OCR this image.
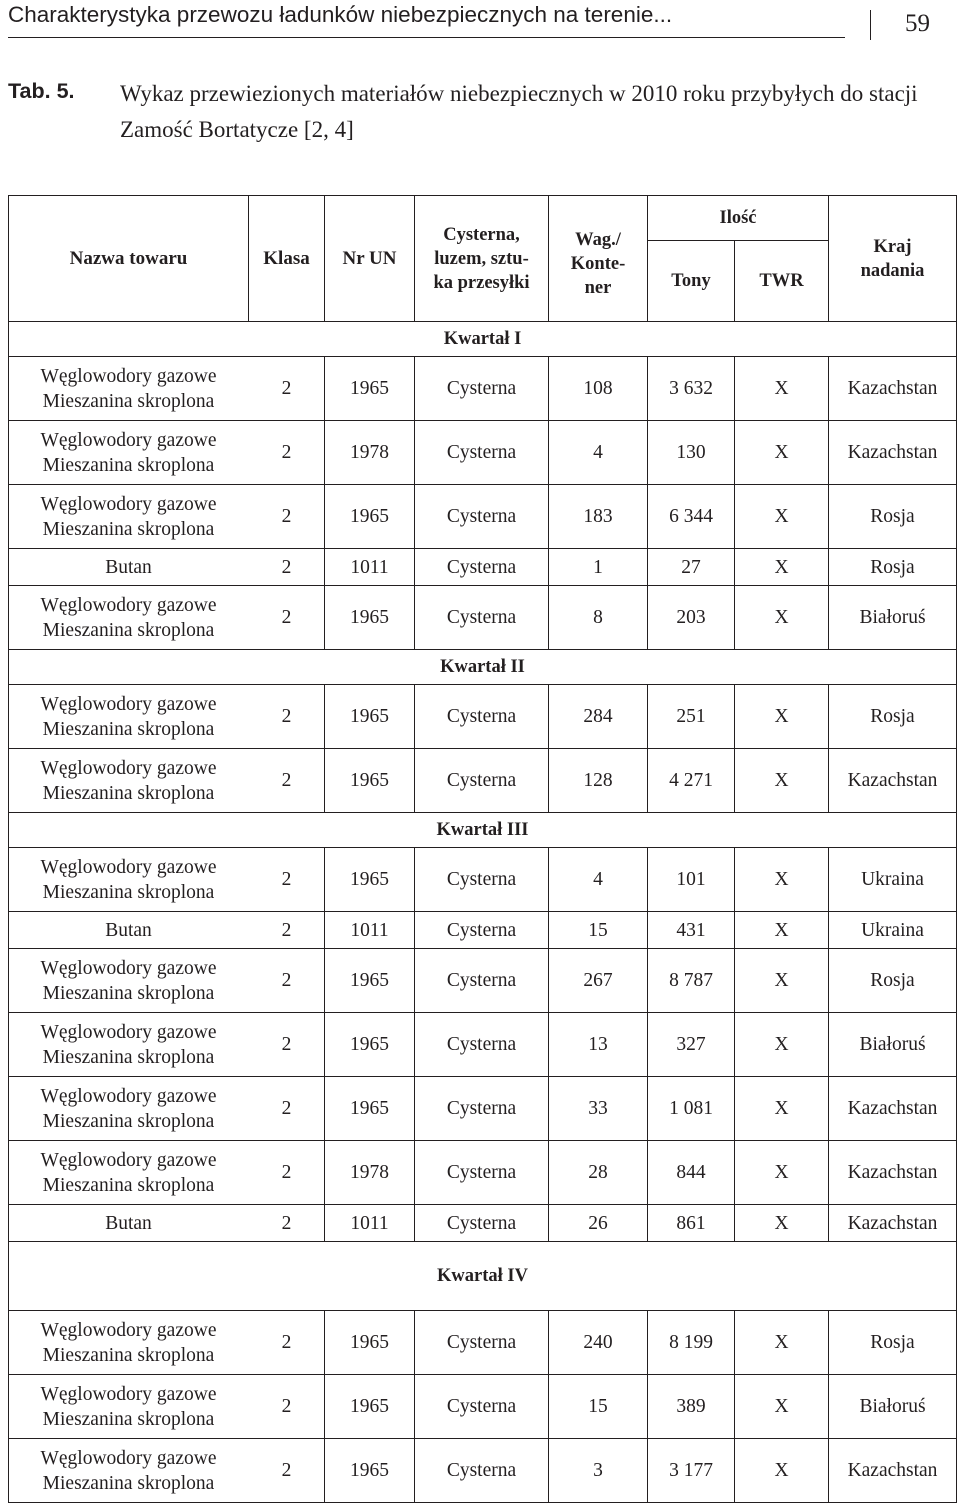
Charakterystyka przewozu ładunków niebezpiecznych na terenie...	59
Tab. 5. Wykaz przewiezionych materiałów niebezpiecznych w 2010 roku przybyłych do stacji Zamość Bortatycze [2, 4]
Nazwa towaru	Klasa	Nr UN	Cysterna, luzem, sztu-ka przesyłki	Wag./ Konte-ner	Ilość		Kraj nadania
					Tony	TWR	
Kwartał I							

Węglowodory gazowe
Mieszanina skroplona	2	1965	Cysterna	108	3 632	X	Kazachstan

Węglowodory gazowe
Mieszanina skroplona	2	1978	Cysterna	4	130	X	Kazachstan

Węglowodory gazowe
Mieszanina skroplona	2	1965	Cysterna	183	6 344	X	Rosja

Butan	2	1011	Cysterna	1	27	X	Rosja

Węglowodory gazowe
Mieszanina skroplona	2	1965	Cysterna	8	203	X	Białoruś
Kwartał II							

Węglowodory gazowe
Mieszanina skroplona	2	1965	Cysterna	284	251	X	Rosja

Węglowodory gazowe
Mieszanina skroplona	2	1965	Cysterna	128	4 271	X	Kazachstan
Kwartał III							

Węglowodory gazowe
Mieszanina skroplona	2	1965	Cysterna	4	101	X	Ukraina

Butan	2	1011	Cysterna	15	431	X	Ukraina

Węglowodory gazowe
Mieszanina skroplona	2	1965	Cysterna	267	8 787	X	Rosja

Węglowodory gazowe
Mieszanina skroplona	2	1965	Cysterna	13	327	X	Białoruś

Węglowodory gazowe
Mieszanina skroplona	2	1965	Cysterna	33	1 081	X	Kazachstan

Węglowodory gazowe
Mieszanina skroplona	2	1978	Cysterna	28	844	X	Kazachstan

Butan	2	1011	Cysterna	26	861	X	Kazachstan
Kwartał IV							

Węglowodory gazowe
Mieszanina skroplona	2	1965	Cysterna	240	8 199	X	Rosja

Węglowodory gazowe
Mieszanina skroplona	2	1965	Cysterna	15	389	X	Białoruś

Węglowodory gazowe
Mieszanina skroplona	2	1965	Cysterna	3	3 177	X	Kazachstan
